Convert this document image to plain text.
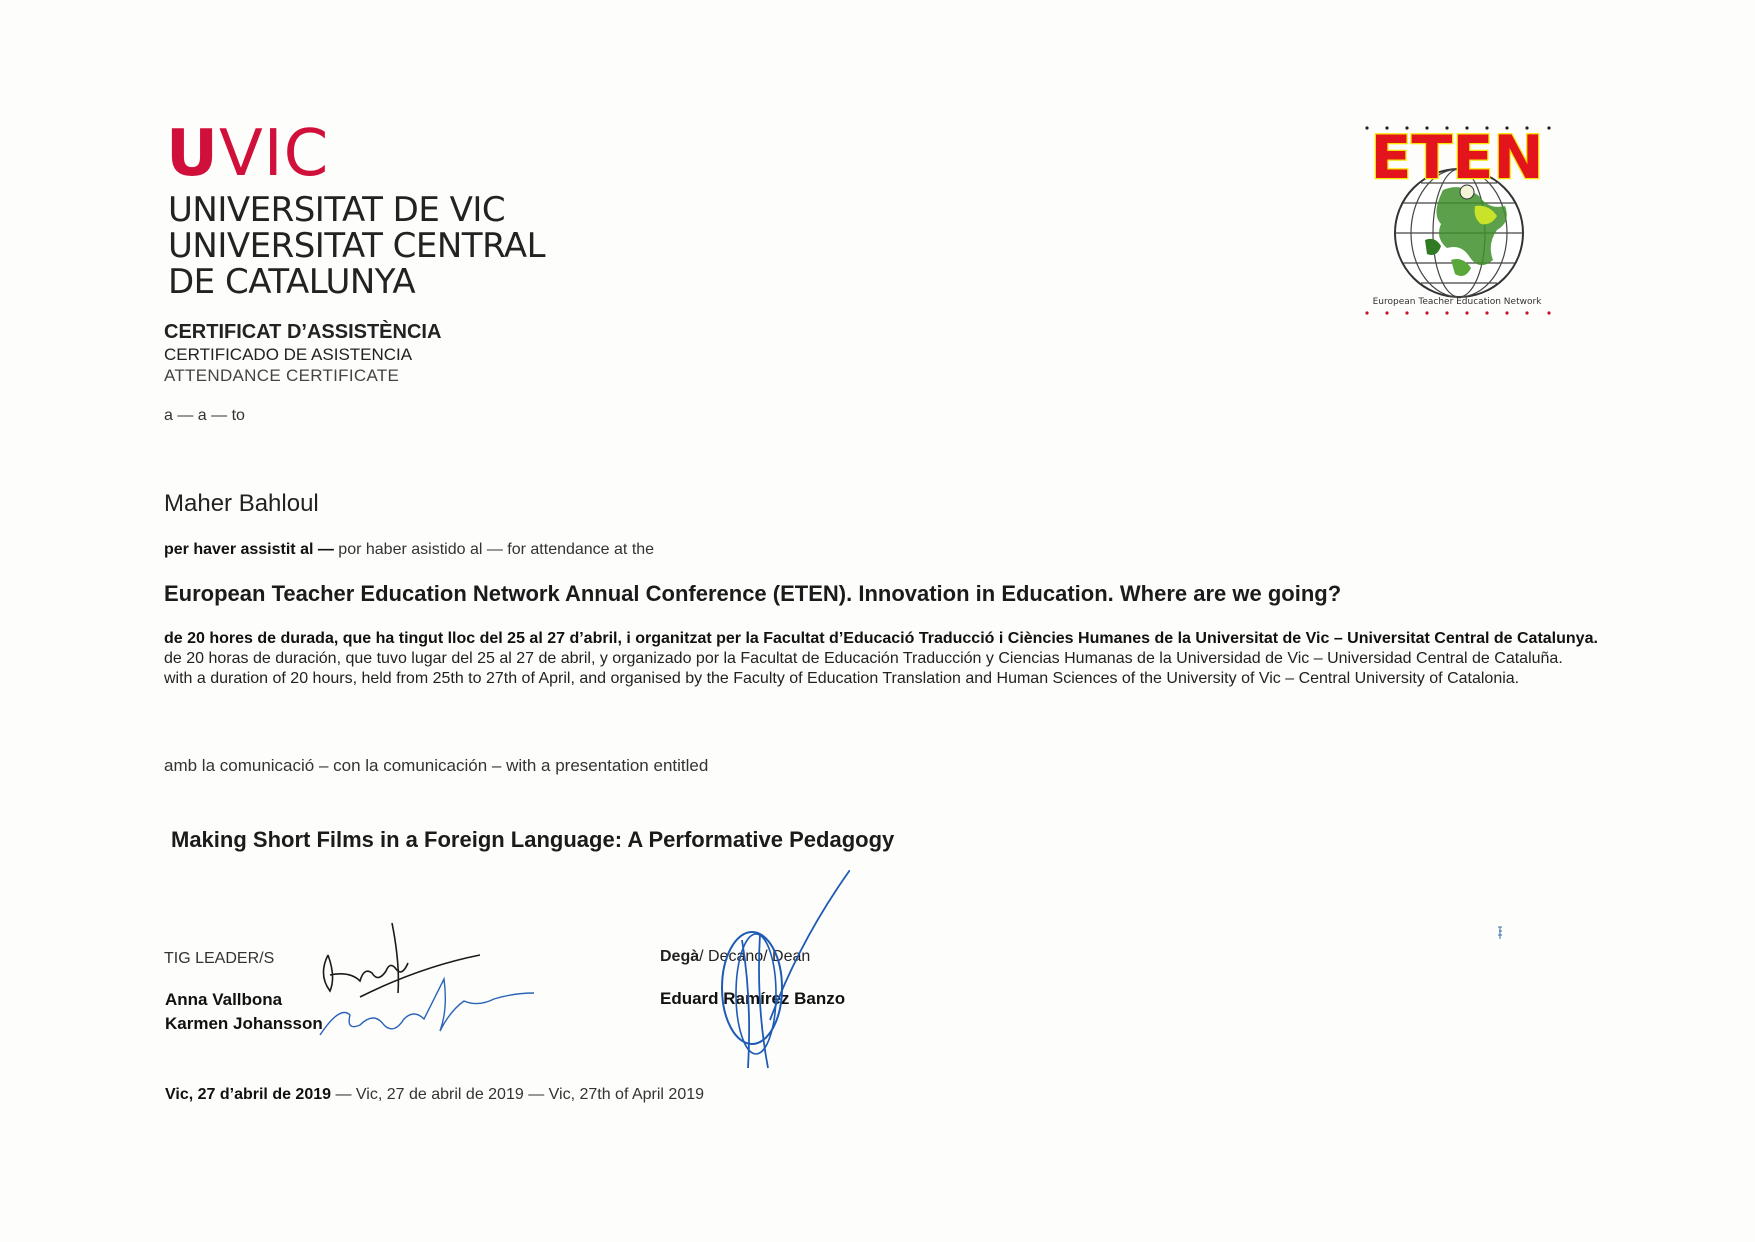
UVIC
UNIVERSITAT DE VIC
UNIVERSITAT CENTRAL
DE CATALUNYA
ETEN
European Teacher Education Network
CERTIFICAT D’ASSISTÈNCIA
CERTIFICADO DE ASISTENCIA
ATTENDANCE CERTIFICATE
a — a — to
Maher Bahloul
per haver assistit al — por haber asistido al — for attendance at the
European Teacher Education Network Annual Conference (ETEN). Innovation in Education. Where are we going?
de 20 hores de durada, que ha tingut lloc del 25 al 27 d’abril, i organitzat per la Facultat d’Educació Traducció i Ciències Humanes de la Universitat de Vic – Universitat Central de Catalunya.
de 20 horas de duración, que tuvo lugar del 25 al 27 de abril, y organizado por la Facultat de Educación Traducción y Ciencias Humanas de la Universidad de Vic – Universidad Central de Cataluña.
with a duration of 20 hours, held from 25th to 27th of April, and organised by the Faculty of Education Translation and Human Sciences of the University of Vic – Central University of Catalonia.
amb la comunicació – con la comunicación – with a presentation entitled
Making Short Films in a Foreign Language: A Performative Pedagogy
TIG LEADER/S
Anna Vallbona
Karmen Johansson
Degà/ Decano/ Dean
Eduard Ramírez Banzo
Vic, 27 d’abril de 2019 — Vic, 27 de abril de 2019 — Vic, 27th of April 2019
